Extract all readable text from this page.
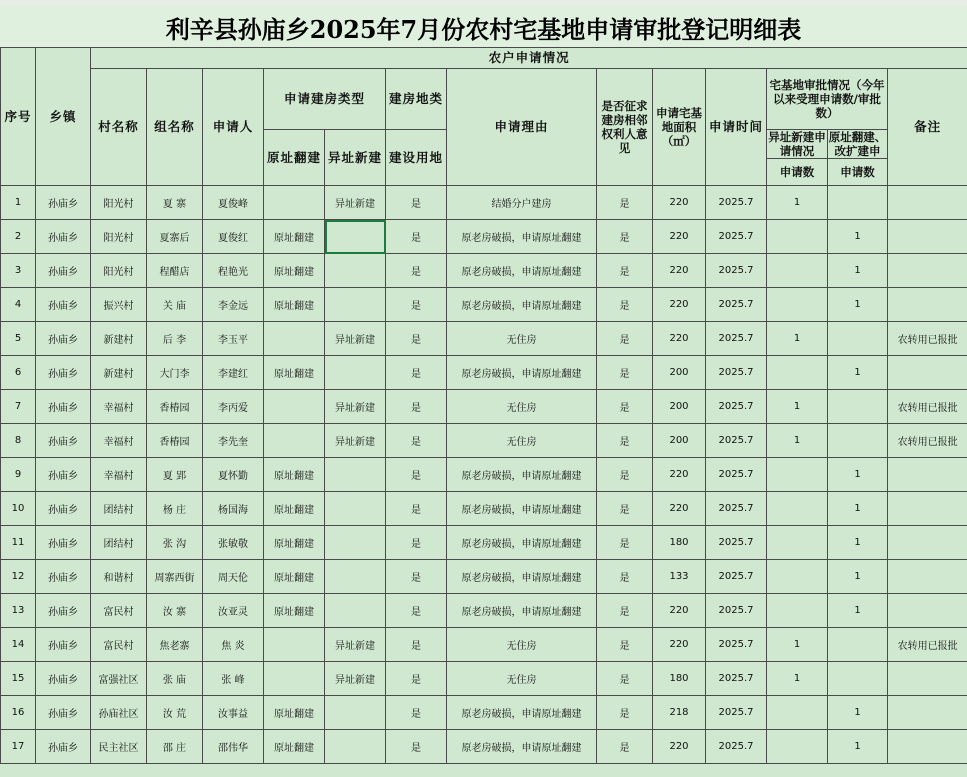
利辛县孙庙乡2025年7月份农村宅基地申请审批登记明细表
序号	乡镇	农户申请情况												
		村名称	组名称	申请人	申请建房类型		建房地类	申请理由	是否征求建房相邻权利人意见	申请宅基地面积（㎡）	申请时间	宅基地审批情况（今年以来受理申请数/审批数）		备注
					原址翻建	异址新建	建设用地					异址新建申请情况	原址翻建、改扩建申	
												申请数	申请数	
1	孙庙乡	阳光村	夏 寨	夏俊峰		异址新建	是	结婚分户建房	是	220	2025.7	1		
2	孙庙乡	阳光村	夏寨后	夏俊红	原址翻建		是	原老房破损，申请原址翻建	是	220	2025.7		1	
3	孙庙乡	阳光村	程醋店	程艳光	原址翻建		是	原老房破损，申请原址翻建	是	220	2025.7		1	
4	孙庙乡	振兴村	关 庙	李金远	原址翻建		是	原老房破损，申请原址翻建	是	220	2025.7		1	
5	孙庙乡	新建村	后 李	李玉平		异址新建	是	无住房	是	220	2025.7	1		农转用已报批
6	孙庙乡	新建村	大门李	李建红	原址翻建		是	原老房破损，申请原址翻建	是	200	2025.7		1	
7	孙庙乡	幸福村	香椿园	李丙爱		异址新建	是	无住房	是	200	2025.7	1		农转用已报批
8	孙庙乡	幸福村	香椿园	李先奎		异址新建	是	无住房	是	200	2025.7	1		农转用已报批
9	孙庙乡	幸福村	夏 郢	夏怀勤	原址翻建		是	原老房破损，申请原址翻建	是	220	2025.7		1	
10	孙庙乡	团结村	杨 庄	杨国海	原址翻建		是	原老房破损，申请原址翻建	是	220	2025.7		1	
11	孙庙乡	团结村	张 沟	张敏敬	原址翻建		是	原老房破损，申请原址翻建	是	180	2025.7		1	
12	孙庙乡	和谐村	周寨西街	周天伦	原址翻建		是	原老房破损，申请原址翻建	是	133	2025.7		1	
13	孙庙乡	富民村	汝 寨	汝亚灵	原址翻建		是	原老房破损，申请原址翻建	是	220	2025.7		1	
14	孙庙乡	富民村	焦老寨	焦 炎		异址新建	是	无住房	是	220	2025.7	1		农转用已报批
15	孙庙乡	富强社区	张 庙	张 峰		异址新建	是	无住房	是	180	2025.7	1		
16	孙庙乡	孙庙社区	汝 荒	汝事益	原址翻建		是	原老房破损，申请原址翻建	是	218	2025.7		1	
17	孙庙乡	民主社区	邵 庄	邵伟华	原址翻建		是	原老房破损，申请原址翻建	是	220	2025.7		1	
